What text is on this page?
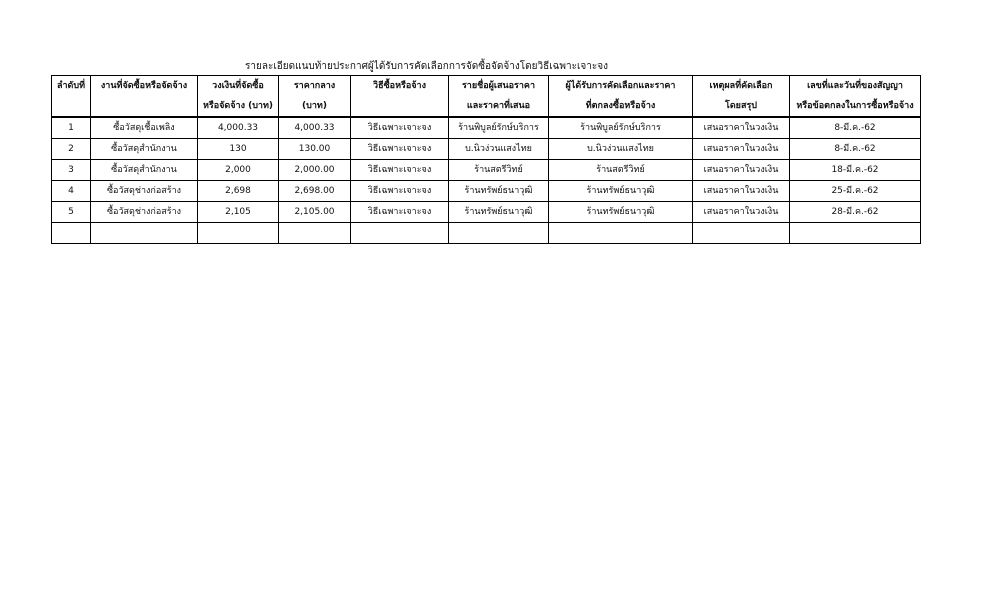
รายละเอียดแนบท้ายประกาศผู้ได้รับการคัดเลือกการจัดซื้อจัดจ้างโดยวิธีเฉพาะเจาะจง
ลำดับที่	งานที่จัดซื้อหรือจัดจ้าง	วงเงินที่จัดซื้อ	ราคากลาง	วิธีซื้อหรือจ้าง	รายชื่อผู้เสนอราคา	ผู้ได้รับการคัดเลือกและราคา	เหตุผลที่คัดเลือก	เลขที่และวันที่ของสัญญา
		หรือจัดจ้าง (บาท)	(บาท)		และราคาที่เสนอ	ที่ตกลงซื้อหรือจ้าง	โดยสรุป	หรือข้อตกลงในการซื้อหรือจ้าง
1	ซื้อวัสดุเชื้อเพลิง	4,000.33	4,000.33	วิธีเฉพาะเจาะจง	ร้านพิบูลย์รักษ์บริการ	ร้านพิบูลย์รักษ์บริการ	เสนอราคาในวงเงิน	8-มี.ค.-62
2	ซื้อวัสดุสำนักงาน	130	130.00	วิธีเฉพาะเจาะจง	บ.นิวง่วนแสงไทย	บ.นิวง่วนแสงไทย	เสนอราคาในวงเงิน	8-มี.ค.-62
3	ซื้อวัสดุสำนักงาน	2,000	2,000.00	วิธีเฉพาะเจาะจง	ร้านสตรีวิทย์	ร้านสตรีวิทย์	เสนอราคาในวงเงิน	18-มี.ค.-62
4	ซื้อวัสดุช่างก่อสร้าง	2,698	2,698.00	วิธีเฉพาะเจาะจง	ร้านทรัพย์ธนาวุฒิ	ร้านทรัพย์ธนาวุฒิ	เสนอราคาในวงเงิน	25-มี.ค.-62
5	ซื้อวัสดุช่างก่อสร้าง	2,105	2,105.00	วิธีเฉพาะเจาะจง	ร้านทรัพย์ธนาวุฒิ	ร้านทรัพย์ธนาวุฒิ	เสนอราคาในวงเงิน	28-มี.ค.-62
